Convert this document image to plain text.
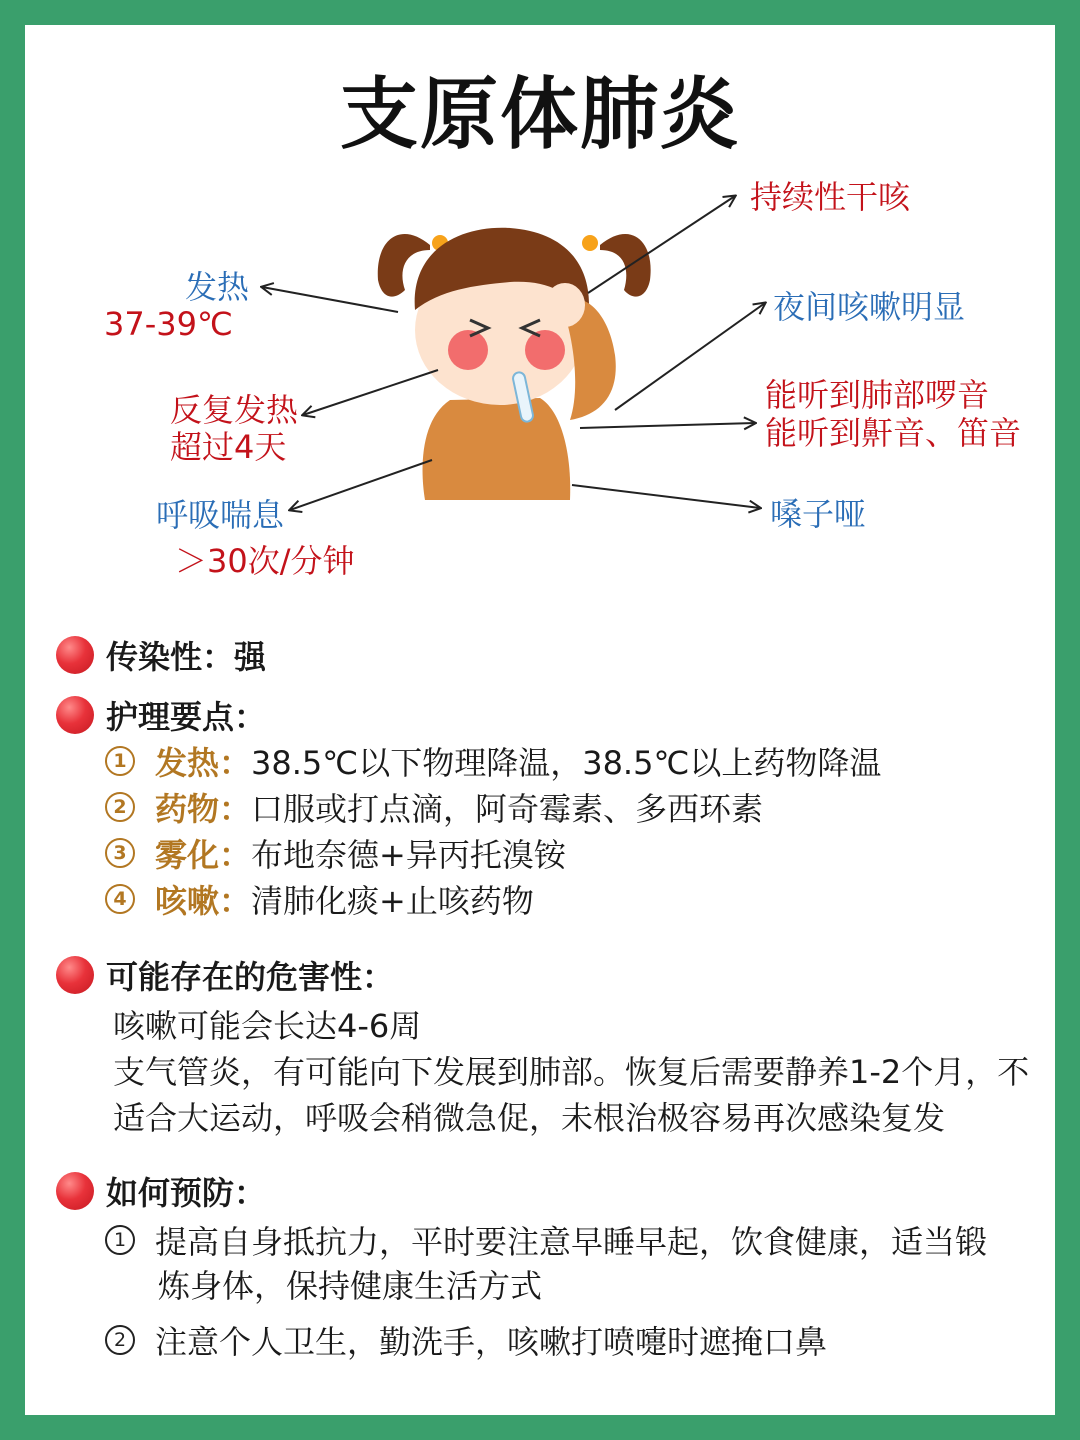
支原体肺炎
发热
37-39℃
反复发热
超过4天
呼吸喘息
＞30次/分钟
持续性干咳
夜间咳嗽明显
能听到肺部啰音
能听到鼾音、笛音
嗓子哑
传染性：强
护理要点：
1 发热： 38.5℃以下物理降温，38.5℃以上药物降温
2 药物： 口服或打点滴，阿奇霉素、多西环素
3 雾化： 布地奈德+异丙托溴铵
4 咳嗽： 清肺化痰+止咳药物
可能存在的危害性：
咳嗽可能会长达4-6周
支气管炎，有可能向下发展到肺部。恢复后需要静养1-2个月，不
适合大运动，呼吸会稍微急促，未根治极容易再次感染复发
如何预防：
1 提高自身抵抗力，平时要注意早睡早起，饮食健康，适当锻
炼身体，保持健康生活方式
2 注意个人卫生，勤洗手，咳嗽打喷嚏时遮掩口鼻
